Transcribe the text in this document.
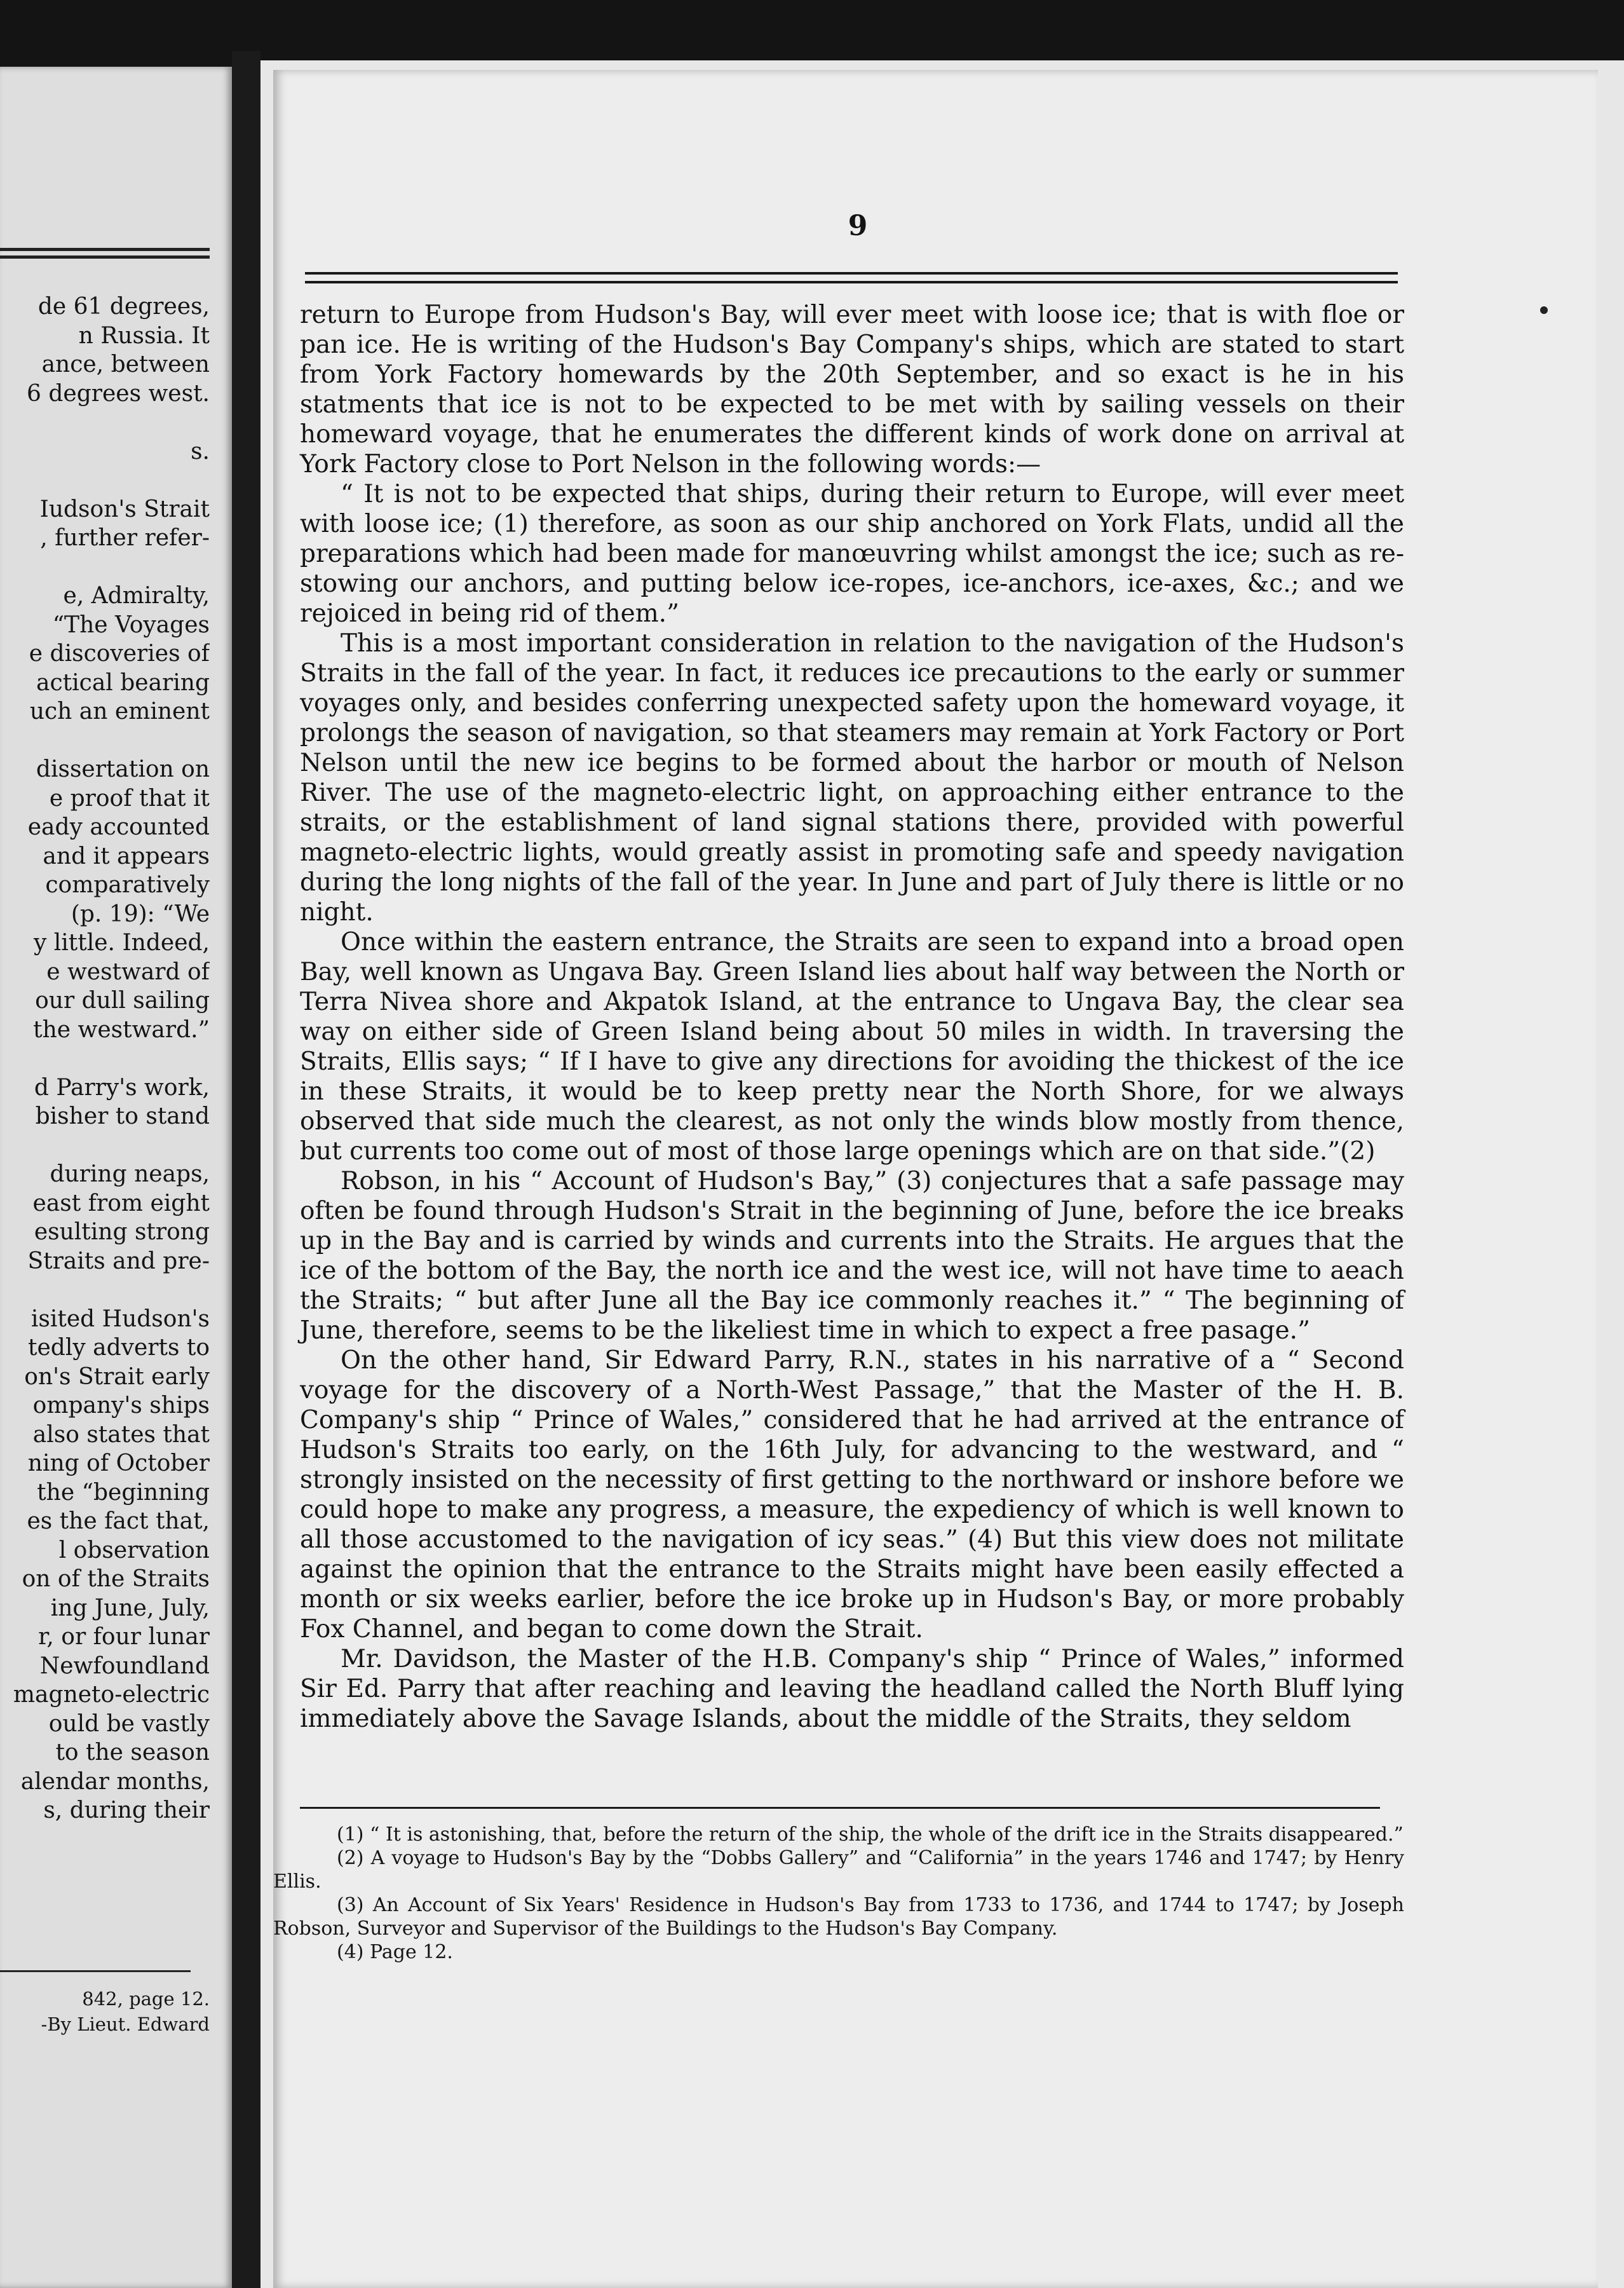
de 61 degrees,
n Russia. It
ance, between
6 degrees west.
s.
Iudson's Strait
, further refer-
e, Admiralty,
“The Voyages
e discoveries of
actical bearing
uch an eminent
dissertation on
e proof that it
eady accounted
and it appears
comparatively
(p. 19): “We
y little. Indeed,
e westward of
our dull sailing
the westward.”
d Parry's work,
bisher to stand
during neaps,
east from eight
esulting strong
Straits and pre-
isited Hudson's
tedly adverts to
on's Strait early
ompany's ships
also states that
ning of October
the “beginning
es the fact that,
l observation
on of the Straits
ing June, July,
r, or four lunar
Newfoundland
magneto-electric
ould be vastly
to the season
alendar months,
s, during their
842, page 12.
-By Lieut. Edward
9

return to Europe from Hudson's Bay, will ever meet with loose ice; that is with floe or pan ice. He is writing of the Hudson's Bay Company's ships, which are stated to start from York Factory homewards by the 20th September, and so exact is he in his statments that ice is not to be expected to be met with by sailing vessels on their homeward voyage, that he enumerates the different kinds of work done on arrival at York Factory close to Port Nelson in the following words:—

“ It is not to be expected that ships, during their return to Europe, will ever meet with loose ice; (1) therefore, as soon as our ship anchored on York Flats, undid all the preparations which had been made for manœuvring whilst amongst the ice; such as re-stowing our anchors, and putting below ice-ropes, ice-anchors, ice-axes, &c.; and we rejoiced in being rid of them.”

This is a most important consideration in relation to the navigation of the Hudson's Straits in the fall of the year. In fact, it reduces ice precautions to the early or summer voyages only, and besides conferring unexpected safety upon the homeward voyage, it prolongs the season of navigation, so that steamers may remain at York Factory or Port Nelson until the new ice begins to be formed about the harbor or mouth of Nelson River. The use of the magneto-electric light, on approaching either entrance to the straits, or the establishment of land signal stations there, provided with powerful magneto-electric lights, would greatly assist in promoting safe and speedy navigation during the long nights of the fall of the year. In June and part of July there is little or no night.

Once within the eastern entrance, the Straits are seen to expand into a broad open Bay, well known as Ungava Bay. Green Island lies about half way between the North or Terra Nivea shore and Akpatok Island, at the entrance to Ungava Bay, the clear sea way on either side of Green Island being about 50 miles in width. In traversing the Straits, Ellis says; “ If I have to give any directions for avoiding the thickest of the ice in these Straits, it would be to keep pretty near the North Shore, for we always observed that side much the clearest, as not only the winds blow mostly from thence, but currents too come out of most of those large openings which are on that side.”(2)

Robson, in his “ Account of Hudson's Bay,” (3) conjectures that a safe passage may often be found through Hudson's Strait in the beginning of June, before the ice breaks up in the Bay and is carried by winds and currents into the Straits. He argues that the ice of the bottom of the Bay, the north ice and the west ice, will not have time to aeach the Straits; “ but after June all the Bay ice commonly reaches it.” “ The beginning of June, therefore, seems to be the likeliest time in which to expect a free pasage.”

On the other hand, Sir Edward Parry, R.N., states in his narrative of a “ Second voyage for the discovery of a North-West Passage,” that the Master of the H. B. Company's ship “ Prince of Wales,” considered that he had arrived at the entrance of Hudson's Straits too early, on the 16th July, for advancing to the westward, and “ strongly insisted on the necessity of first getting to the northward or inshore before we could hope to make any progress, a measure, the expediency of which is well known to all those accustomed to the navigation of icy seas.” (4) But this view does not militate against the opinion that the entrance to the Straits might have been easily effected a month or six weeks earlier, before the ice broke up in Hudson's Bay, or more probably Fox Channel, and began to come down the Strait.

Mr. Davidson, the Master of the H.B. Company's ship “ Prince of Wales,” informed Sir Ed. Parry that after reaching and leaving the headland called the North Bluff lying immediately above the Savage Islands, about the middle of the Straits, they seldom

(1) “ It is astonishing, that, before the return of the ship, the whole of the drift ice in the Straits disappeared.”

(2) A voyage to Hudson's Bay by the “Dobbs Gallery” and “California” in the years 1746 and 1747; by Henry Ellis.

(3) An Account of Six Years' Residence in Hudson's Bay from 1733 to 1736, and 1744 to 1747; by Joseph Robson, Surveyor and Supervisor of the Buildings to the Hudson's Bay Company.

(4) Page 12.
